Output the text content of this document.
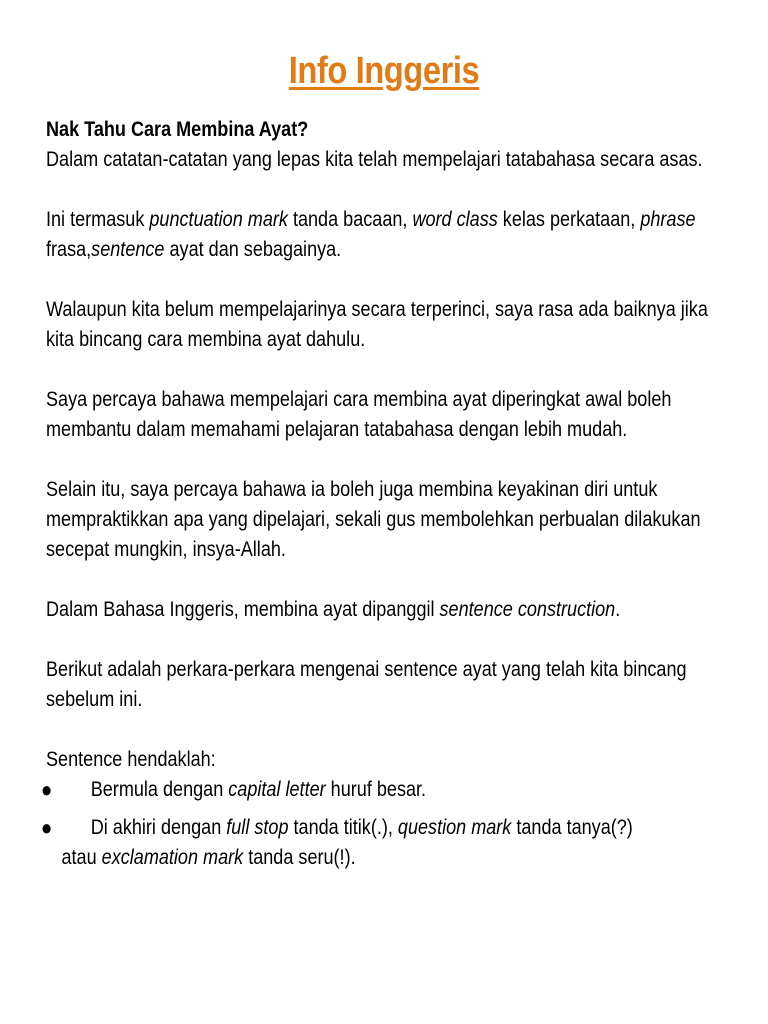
Info Inggeris

Nak Tahu Cara Membina Ayat?
Dalam catatan-catatan yang lepas kita telah mempelajari tatabahasa secara asas.

Ini termasuk punctuation mark tanda bacaan, word class kelas perkataan, phrase frasa,sentence ayat dan sebagainya.

Walaupun kita belum mempelajarinya secara terperinci, saya rasa ada baiknya jika kita bincang cara membina ayat dahulu.

Saya percaya bahawa mempelajari cara membina ayat diperingkat awal boleh membantu dalam memahami pelajaran tatabahasa dengan lebih mudah.

Selain itu, saya percaya bahawa ia boleh juga membina keyakinan diri untuk mempraktikkan apa yang dipelajari, sekali gus membolehkan perbualan dilakukan secepat mungkin, insya-Allah.

Dalam Bahasa Inggeris, membina ayat dipanggil sentence construction.

Berikut adalah perkara-perkara mengenai sentence ayat yang telah kita bincang sebelum ini.

Sentence hendaklah:

● Bermula dengan capital letter huruf besar.
● Di akhiri dengan full stop tanda titik(.), question mark tanda tanya(?)
atau exclamation mark tanda seru(!).
